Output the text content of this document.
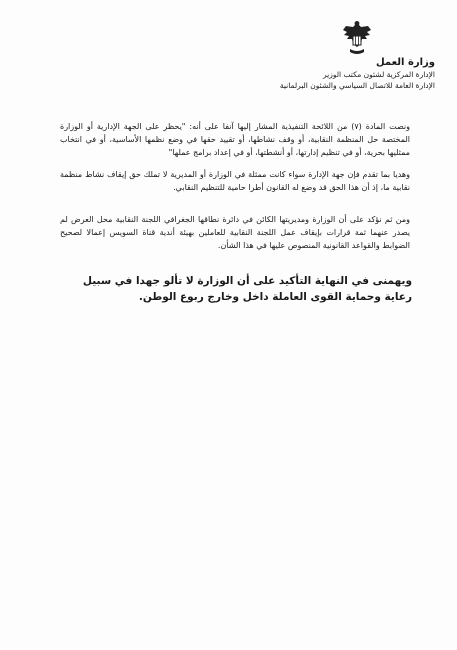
وزارة العمل
الإدارة المركزية لشئون مكتب الوزير
الإدارة العامة للاتصال السياسي والشئون البرلمانية

ونصت المادة (٧) من اللائحة التنفيذية المشار إليها آنفا على أنه: "يحظر على الجهة الإدارية أو الوزارة المختصة حل المنظمة النقابية، أو وقف نشاطها، أو تقييد حقها في وضع نظمها الأساسية، أو في انتخاب ممثليها بحرية، أو في تنظيم إدارتها، أو أنشطتها، أو في إعداد برامج عملها"

وهديا بما تقدم فإن جهة الإدارة سواء كانت ممثلة في الوزارة أو المديرية لا تملك حق إيقاف نشاط منظمة نقابية ما، إذ أن هذا الحق قد وضع له القانون أطرا حامية للتنظيم النقابي.

ومن ثم نؤكد على أن الوزارة ومديريتها الكائن في دائرة نطاقها الجغرافي اللجنة النقابية محل العرض لم يصدر عنهما ثمة قرارات بإيقاف عمل اللجنة النقابية للعاملين بهيئة أندية قناة السويس إعمالا لصحيح الضوابط والقواعد القانونية المنصوص عليها في هذا الشأن.

ويهمنى في النهاية التأكيد على أن الوزارة لا تألو جهدا في سبيل رعاية وحماية القوى العاملة داخل وخارج ربوع الوطن.
